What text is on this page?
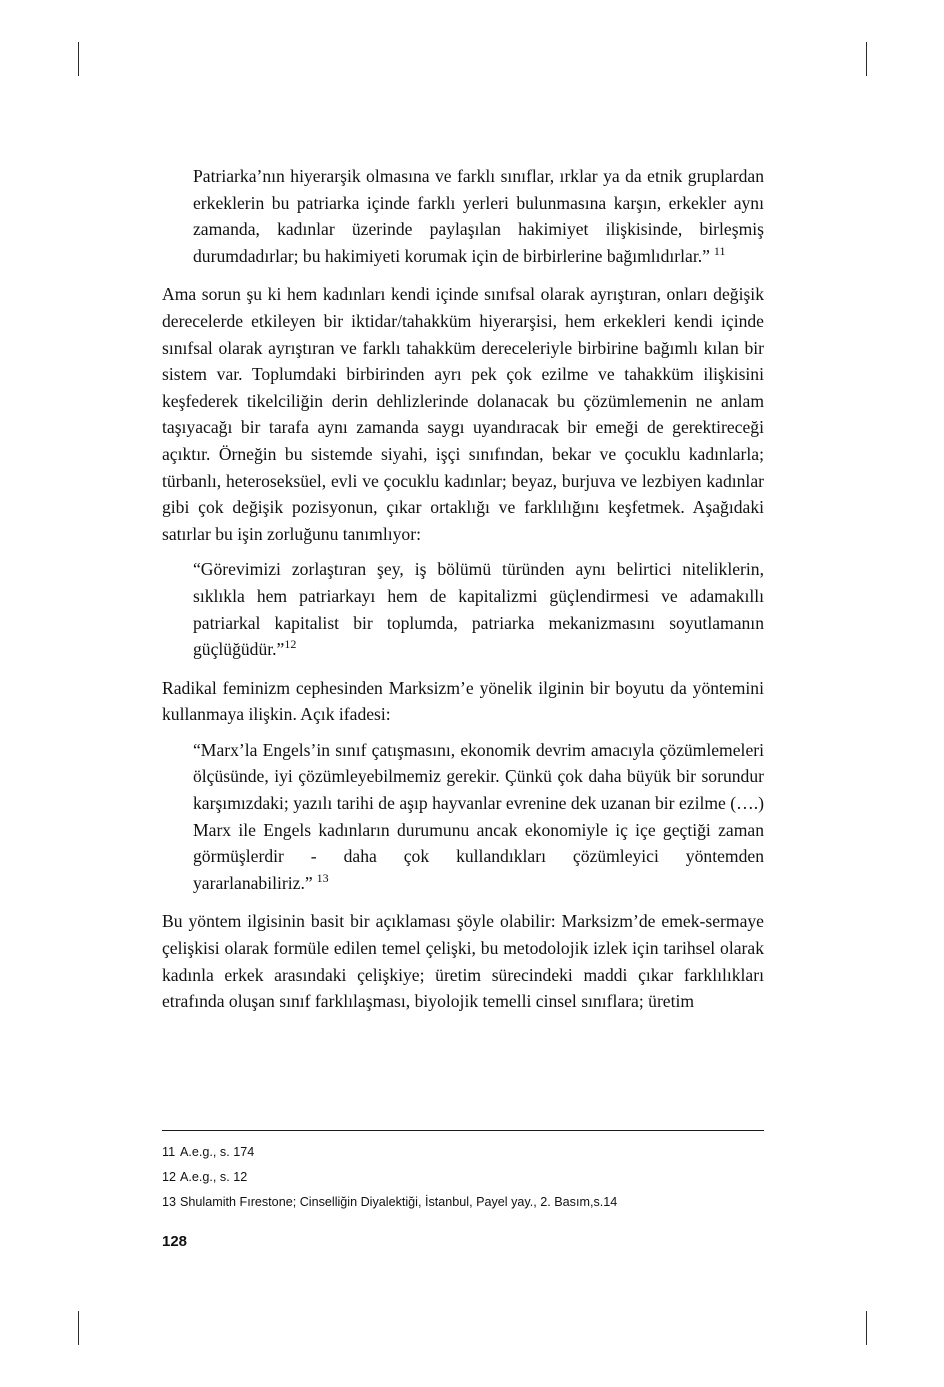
Patriarka’nın hiyerarşik olmasına ve farklı sınıflar, ırklar ya da etnik gruplardan erkeklerin bu patriarka içinde farklı yerleri bulunmasına karşın, erkekler aynı zamanda, kadınlar üzerinde paylaşılan hakimiyet ilişkisinde, birleşmiş durumdadırlar; bu hakimiyeti korumak için de birbirlerine bağımlıdırlar.” $^{11}$

Ama sorun şu ki hem kadınları kendi içinde sınıfsal olarak ayrıştıran, onları değişik derecelerde etkileyen bir iktidar/tahakküm hiyerarşisi, hem erkekleri kendi içinde sınıfsal olarak ayrıştıran ve farklı tahakküm dereceleriyle birbirine bağımlı kılan bir sistem var. Toplumdaki birbirinden ayrı pek çok ezilme ve tahakküm ilişkisini keşfederek tikelciliğin derin dehlizlerinde dolanacak bu çözümlemenin ne anlam taşıyacağı bir tarafa aynı zamanda saygı uyandıracak bir emeği de gerektireceği açıktır. Örneğin bu sistemde siyahi, işçi sınıfından, bekar ve çocuklu kadınlarla; türbanlı, heteroseksüel, evli ve çocuklu kadınlar; beyaz, burjuva ve lezbiyen kadınlar gibi çok değişik pozisyonun, çıkar ortaklığı ve farklılığını keşfetmek. Aşağıdaki satırlar bu işin zorluğunu tanımlıyor:

“Görevimizi zorlaştıran şey, iş bölümü türünden aynı belirtici niteliklerin, sıklıkla hem patriarkayı hem de kapitalizmi güçlendirmesi ve adamakıllı patriarkal kapitalist bir toplumda, patriarka mekanizmasını soyutlamanın güçlüğüdür.”$^{12}$

Radikal feminizm cephesinden Marksizm’e yönelik ilginin bir boyutu da yöntemini kullanmaya ilişkin. Açık ifadesi:

“Marx’la Engels’in sınıf çatışmasını, ekonomik devrim amacıyla çözümlemeleri ölçüsünde, iyi çözümleyebilmemiz gerekir. Çünkü çok daha büyük bir sorundur karşımızdaki; yazılı tarihi de aşıp hayvanlar evrenine dek uzanan bir ezilme (….) Marx ile Engels kadınların durumunu ancak ekonomiyle iç içe geçtiği zaman görmüşlerdir - daha çok kullandıkları çözümleyici yöntemden yararlanabiliriz.” $^{13}$

Bu yöntem ilgisinin basit bir açıklaması şöyle olabilir: Marksizm’de emek-sermaye çelişkisi olarak formüle edilen temel çelişki, bu metodolojik izlek için tarihsel olarak kadınla erkek arasındaki çelişkiye; üretim sürecindeki maddi çıkar farklılıkları etrafında oluşan sınıf farklılaşması, biyolojik temelli cinsel sınıflara; üretim

11 A.e.g., s. 174
12 A.e.g., s. 12
13 Shulamith Fırestone; Cinselliğin Diyalektiği, İstanbul, Payel yay., 2. Basım,s.14
128
